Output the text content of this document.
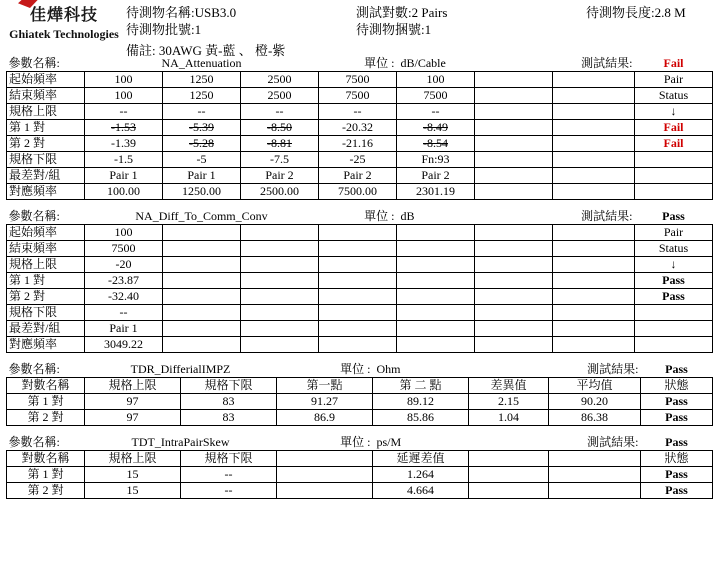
佳燁科技
Ghiatek Technologies
待測物名稱:USB3.0
待測物批號:1
測試對數:2 Pairs
待測物捆號:1
待測物長度:2.8 M
備註: 30AWG 黃-藍 、 橙-紫
參數名稱:	NA_Attenuation			單位 :	dB/Cable		測試結果:	Fail
起始頻率	100	1250	2500	7500	100			Pair
結束頻率	100	1250	2500	7500	7500			Status
規格上限	--	--	--	--	--			↓
第 1 對	-1.53	-5.39	-8.50	-20.32	-8.49			Fail
第 2 對	-1.39	-5.28	-8.81	-21.16	-8.54			Fail
規格下限	-1.5	-5	-7.5	-25	Fn:93			
最差對/組	Pair 1	Pair 1	Pair 2	Pair 2	Pair 2			
對應頻率	100.00	1250.00	2500.00	7500.00	2301.19			
參數名稱:	NA_Diff_To_Comm_Conv			單位 :	dB		測試結果:	Pass
起始頻率	100							Pair
結束頻率	7500							Status
規格上限	-20							↓
第 1 對	-23.87							Pass
第 2 對	-32.40							Pass
規格下限	--							
最差對/組	Pair 1							
對應頻率	3049.22							
參數名稱:	TDR_DifferialIMPZ		單位 :	Ohm		測試結果:	Pass
對數名稱	規格上限	規格下限	第一點	第 二 點	差異值	平均值	狀態
第 1 對	97	83	91.27	89.12	2.15	90.20	Pass
第 2 對	97	83	86.9	85.86	1.04	86.38	Pass
參數名稱:	TDT_IntraPairSkew		單位 :	ps/M		測試結果:	Pass
對數名稱	規格上限	規格下限		延遲差值			狀態
第 1 對	15	--		1.264			Pass
第 2 對	15	--		4.664			Pass
